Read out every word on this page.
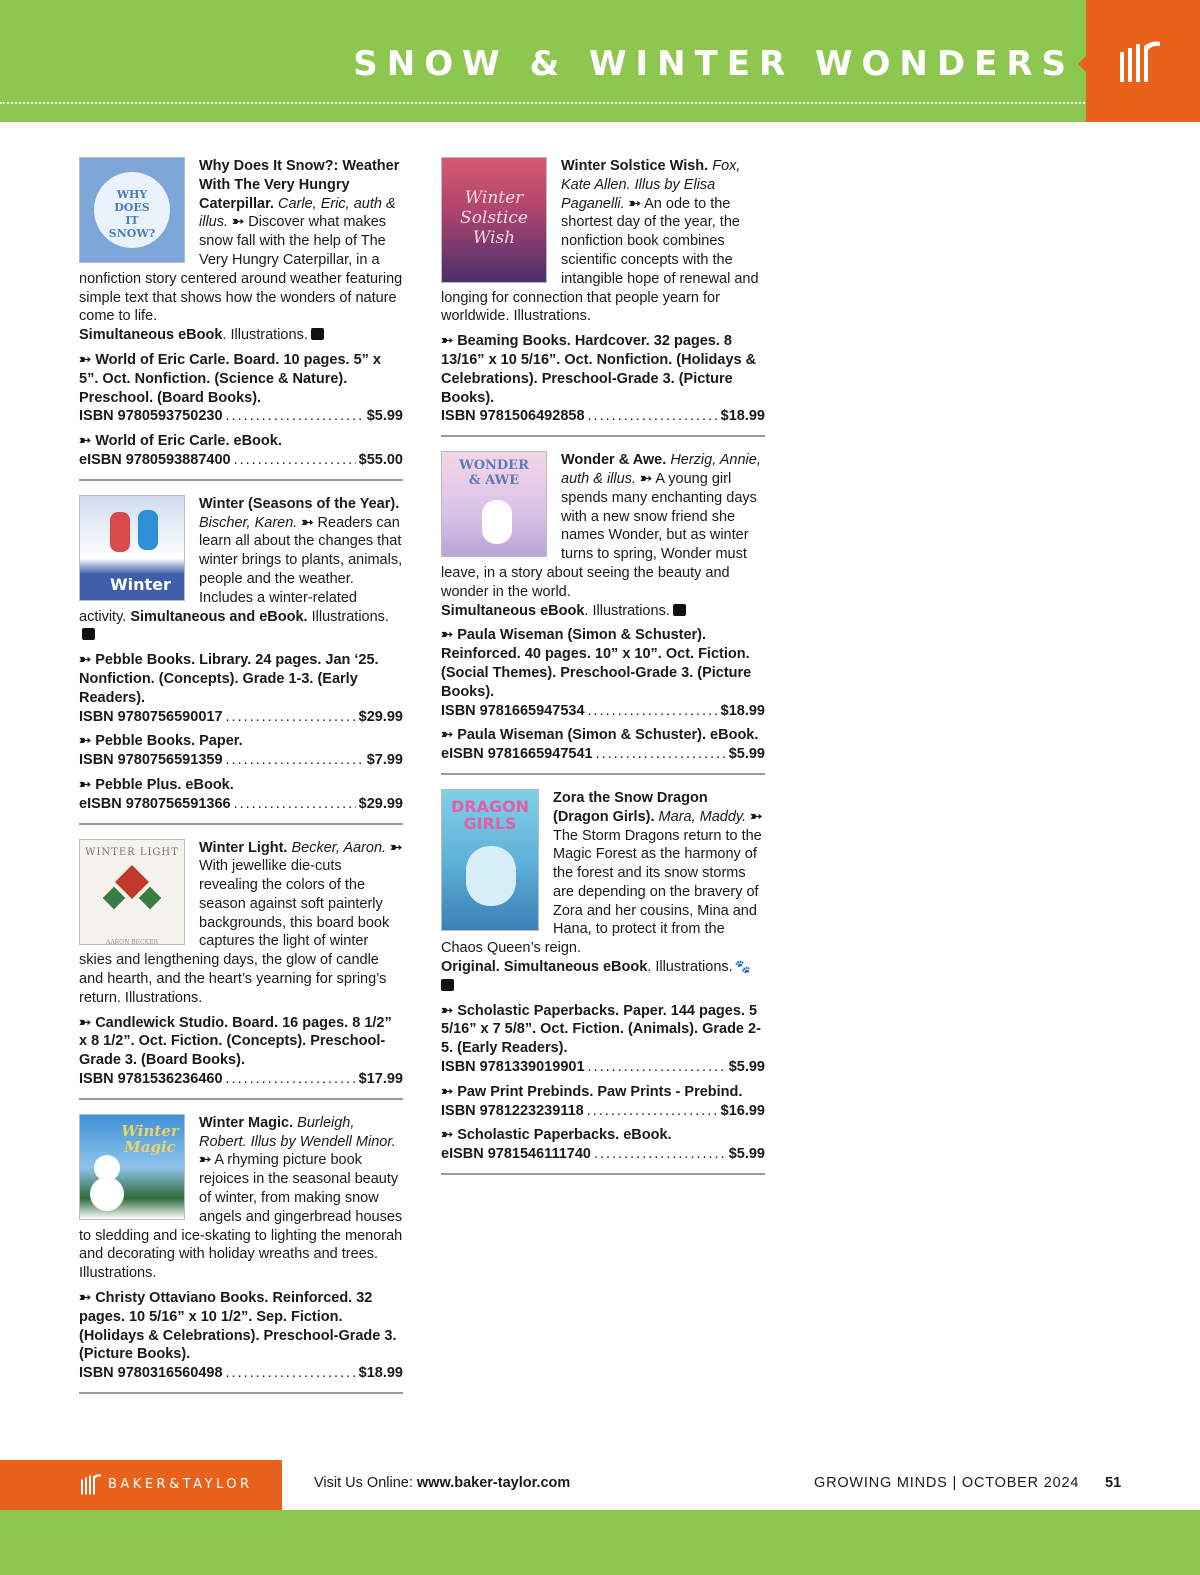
SNOW & WINTER WONDERS
WHY DOES IT SNOW?

Why Does It Snow?: Weather With The Very Hungry Caterpillar. Carle, Eric, auth & illus. ➳ Discover what makes snow fall with the help of The Very Hungry Caterpillar, in a nonfiction story centered around weather featuring simple text that shows how the wonders of nature come to life.
Simultaneous eBook. Illustrations.

➳ World of Eric Carle. Board. 10 pages. 5” x 5”. Oct. Nonfiction. (Science & Nature). Preschool. (Board Books).

ISBN 9780593750230 .....	$5.99

➳ World of Eric Carle. eBook.

eISBN 9780593887400 .....	$55.00
Winter

Winter (Seasons of the Year). Bischer, Karen. ➳ Readers can learn all about the changes that winter brings to plants, animals, people and the weather. Includes a winter-related activity. Simultaneous and eBook. Illustrations.

➳ Pebble Books. Library. 24 pages. Jan ‘25. Nonfiction. (Concepts). Grade 1-3. (Early Readers).

ISBN 9780756590017 .....	$29.99

➳ Pebble Books. Paper.

ISBN 9780756591359 .....	$7.99

➳ Pebble Plus. eBook.

eISBN 9780756591366 .....	$29.99
WINTER LIGHT
AARON BECKER

Winter Light. Becker, Aaron. ➳ With jewellike die-cuts revealing the colors of the season against soft painterly backgrounds, this board book captures the light of winter skies and lengthening days, the glow of candle and hearth, and the heart’s yearning for spring’s return. Illustrations.

➳ Candlewick Studio. Board. 16 pages. 8 1/2” x 8 1/2”. Oct. Fiction. (Concepts). Preschool-Grade 3. (Board Books).

ISBN 9781536236460 .....	$17.99
Winter Magic

Winter Magic. Burleigh, Robert. Illus by Wendell Minor. ➳ A rhyming picture book rejoices in the seasonal beauty of winter, from making snow angels and gingerbread houses to sledding and ice-skating to lighting the menorah and decorating with holiday wreaths and trees. Illustrations.

➳ Christy Ottaviano Books. Reinforced. 32 pages. 10 5/16” x 10 1/2”. Sep. Fiction. (Holidays & Celebrations). Preschool-Grade 3. (Picture Books).

ISBN 9780316560498 .....	$18.99
Winter Solstice Wish

Winter Solstice Wish. Fox, Kate Allen. Illus by Elisa Paganelli. ➳ An ode to the shortest day of the year, the nonfiction book combines scientific concepts with the intangible hope of renewal and longing for connection that people yearn for worldwide. Illustrations.

➳ Beaming Books. Hardcover. 32 pages. 8 13/16” x 10 5/16”. Oct. Nonfiction. (Holidays & Celebrations). Preschool-Grade 3. (Picture Books).

ISBN 9781506492858 .....	$18.99
WONDER & AWE

Wonder & Awe. Herzig, Annie, auth & illus. ➳ A young girl spends many enchanting days with a new snow friend she names Wonder, but as winter turns to spring, Wonder must leave, in a story about seeing the beauty and wonder in the world.
Simultaneous eBook. Illustrations.

➳ Paula Wiseman (Simon & Schuster). Reinforced. 40 pages. 10” x 10”. Oct. Fiction. (Social Themes). Preschool-Grade 3. (Picture Books).

ISBN 9781665947534 .....	$18.99

➳ Paula Wiseman (Simon & Schuster). eBook.

eISBN 9781665947541 .....	$5.99
DRAGON GIRLS

Zora the Snow Dragon (Dragon Girls). Mara, Maddy. ➳ The Storm Dragons return to the Magic Forest as the harmony of the forest and its snow storms are depending on the bravery of Zora and her cousins, Mina and Hana, to protect it from the Chaos Queen’s reign.
Original. Simultaneous eBook. Illustrations. 🐾

➳ Scholastic Paperbacks. Paper. 144 pages. 5 5/16” x 7 5/8”. Oct. Fiction. (Animals). Grade 2-5. (Early Readers).

ISBN 9781339019901 .....	$5.99

➳ Paw Print Prebinds. Paw Prints - Prebind.

ISBN 9781223239118 .....	$16.99

➳ Scholastic Paperbacks. eBook.

eISBN 9781546111740 .....	$5.99
BAKER&TAYLOR	Visit Us Online: www.baker-taylor.com	GROWING MINDS | OCTOBER 2024 51
